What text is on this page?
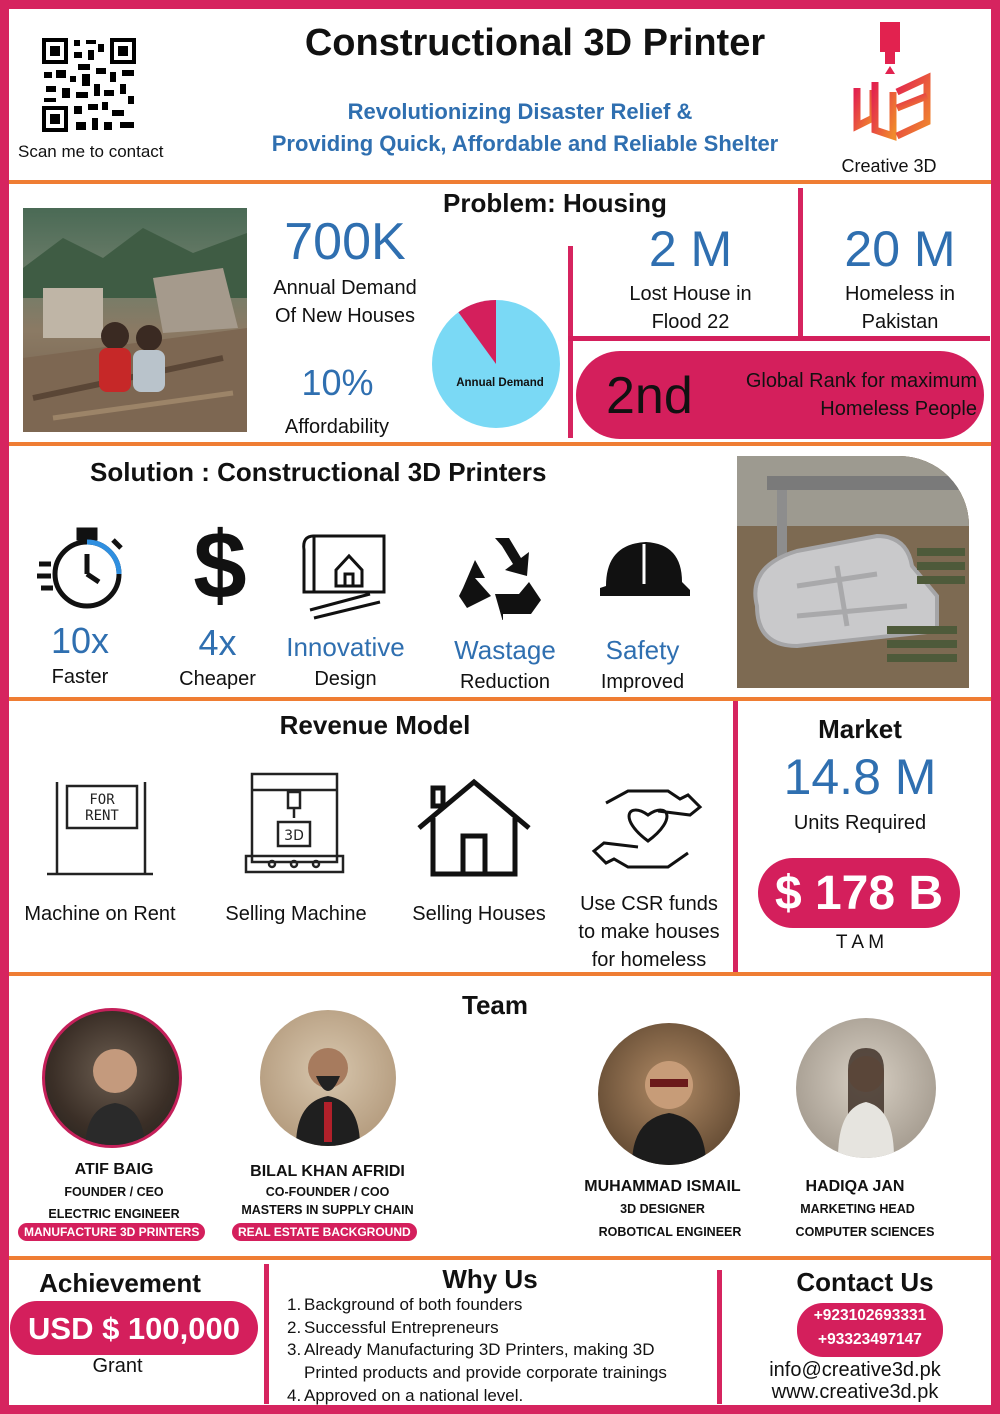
Scan me to contact
Constructional 3D Printer
Revolutionizing Disaster Relief &
Providing Quick, Affordable and Reliable Shelter
Creative 3D
Problem: Housing
700K
Annual Demand
Of New Houses
10%
Affordability
Annual Demand
2 M
Lost House in
Flood 22
20 M
Homeless in
Pakistan
2nd	Global Rank for maximum
Homeless People
Solution : Constructional 3D Printers
$
10x
Faster
4x
Cheaper
Innovative
Design
Wastage
Reduction
Safety
Improved
Revenue Model
FOR
RENT
3D
Machine on Rent	Selling Machine	Selling Houses	Use CSR funds
to make houses
for homeless
Market
14.8 M
Units Required
$ 178 B
T A M
Team
ATIF BAIG
FOUNDER / CEO
ELECTRIC ENGINEER
MANUFACTURE 3D PRINTERS
BILAL KHAN AFRIDI
CO-FOUNDER / COO
MASTERS IN SUPPLY CHAIN
REAL ESTATE BACKGROUND
MUHAMMAD ISMAIL
3D DESIGNER
ROBOTICAL ENGINEER
HADIQA JAN
MARKETING HEAD
COMPUTER SCIENCES
Achievement
USD $ 100,000
Grant
Why Us
1. Background of both founders
2. Successful Entrepreneurs
3. Already Manufacturing 3D Printers, making 3D
Printed products and provide corporate trainings
4. Approved on a national level.
Contact Us
+923102693331
+93323497147
info@creative3d.pk
www.creative3d.pk
